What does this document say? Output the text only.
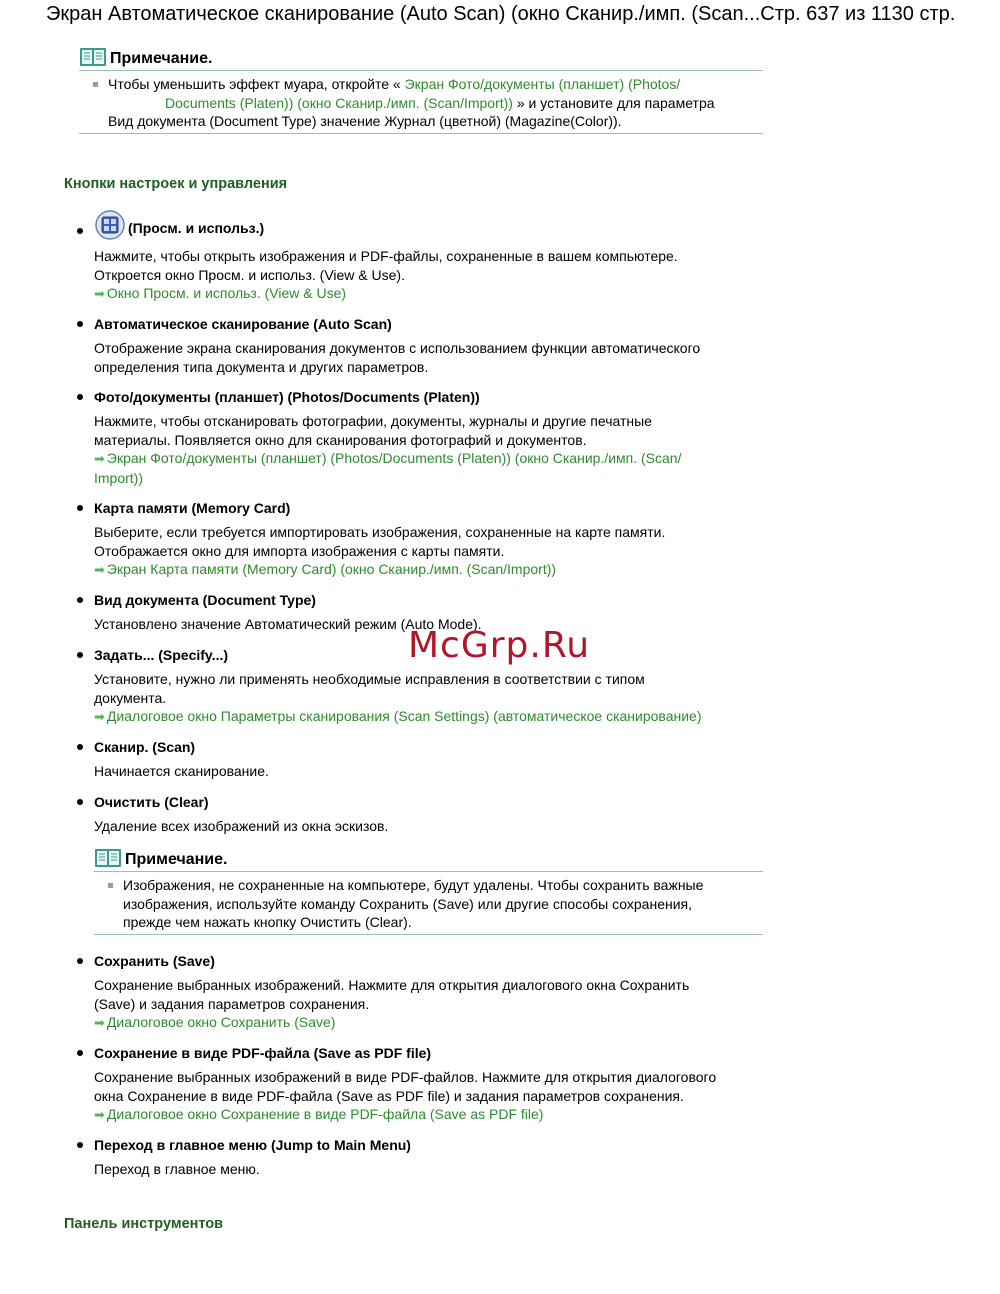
Экран Автоматическое сканирование (Auto Scan) (окно Сканир./имп. (Scan... Стр. 637 из 1130 стр.
Примечание.
Чтобы уменьшить эффект муара, откройте « Экран Фото/документы (планшет) (Photos/
Documents (Platen)) (окно Сканир./имп. (Scan/Import)) » и установите для параметра
Вид документа (Document Type) значение Журнал (цветной) (Magazine(Color)).
Кнопки настроек и управления
(Просм. и использ.)
Нажмите, чтобы открыть изображения и PDF-файлы, сохраненные в вашем компьютере.
Откроется окно Просм. и использ. (View & Use).
➡ Окно Просм. и использ. (View & Use)
Автоматическое сканирование (Auto Scan)
Отображение экрана сканирования документов с использованием функции автоматического
определения типа документа и других параметров.
Фото/документы (планшет) (Photos/Documents (Platen))
Нажмите, чтобы отсканировать фотографии, документы, журналы и другие печатные
материалы. Появляется окно для сканирования фотографий и документов.
➡ Экран Фото/документы (планшет) (Photos/Documents (Platen)) (окно Сканир./имп. (Scan/
Import))
Карта памяти (Memory Card)
Выберите, если требуется импортировать изображения, сохраненные на карте памяти.
Отображается окно для импорта изображения с карты памяти.
➡ Экран Карта памяти (Memory Card) (окно Сканир./имп. (Scan/Import))
Вид документа (Document Type)
Установлено значение Автоматический режим (Auto Mode).
Задать... (Specify...)
Установите, нужно ли применять необходимые исправления в соответствии с типом
документа.
➡ Диалоговое окно Параметры сканирования (Scan Settings) (автоматическое сканирование)
Сканир. (Scan)
Начинается сканирование.
Очистить (Clear)
Удаление всех изображений из окна эскизов.
Примечание.
Изображения, не сохраненные на компьютере, будут удалены. Чтобы сохранить важные
изображения, используйте команду Сохранить (Save) или другие способы сохранения,
прежде чем нажать кнопку Очистить (Clear).
Сохранить (Save)
Сохранение выбранных изображений. Нажмите для открытия диалогового окна Сохранить
(Save) и задания параметров сохранения.
➡ Диалоговое окно Сохранить (Save)
Сохранение в виде PDF-файла (Save as PDF file)
Сохранение выбранных изображений в виде PDF-файлов. Нажмите для открытия диалогового
окна Сохранение в виде PDF-файла (Save as PDF file) и задания параметров сохранения.
➡ Диалоговое окно Сохранение в виде PDF-файла (Save as PDF file)
Переход в главное меню (Jump to Main Menu)
Переход в главное меню.
Панель инструментов
McGrp.Ru
